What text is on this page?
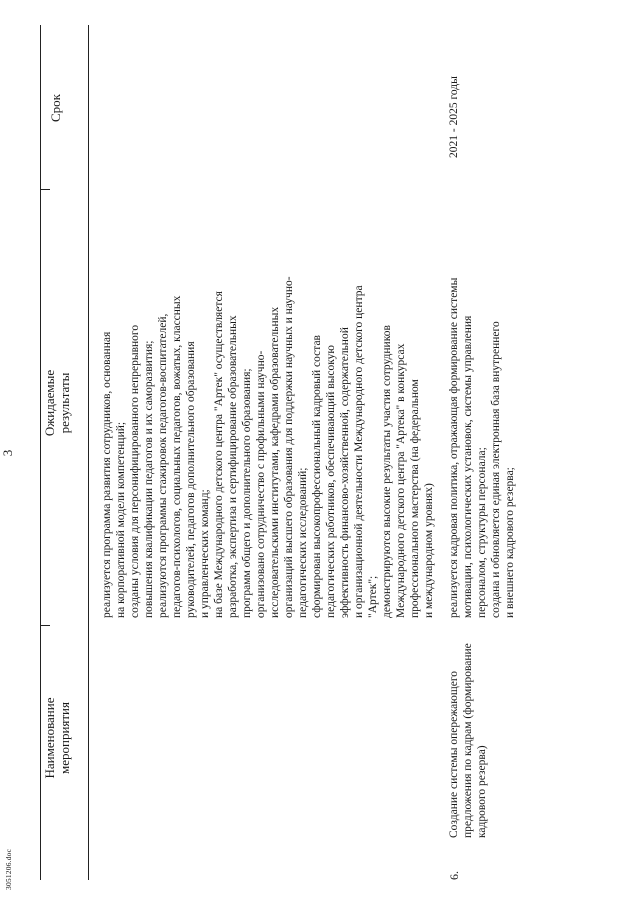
3
Наименование мероприятия
Ожидаемые результаты
Срок
реализуется программа развития сотрудников, основанная
на корпоративной модели компетенций;
созданы условия для персонифицированного непрерывного
повышения квалификации педагогов и их саморазвития;
реализуются программы стажировок педагогов-воспитателей,
педагогов-психологов, социальных педагогов, вожатых, классных
руководителей, педагогов дополнительного образования
и управленческих команд;
на базе Международного детского центра "Артек" осуществляется
разработка, экспертиза и сертифицирование образовательных
программ общего и дополнительного образования;
организовано сотрудничество с профильными научно-
исследовательскими институтами, кафедрами образовательных
организаций высшего образования для поддержки научных и научно-
педагогических исследований;
сформирован высокопрофессиональный кадровый состав
педагогических работников, обеспечивающий высокую
эффективность финансово-хозяйственной, содержательной
и организационной деятельности Международного детского центра
"Артек";
демонстрируются высокие результаты участия сотрудников
Международного детского центра "Артека" в конкурсах
профессионального мастерства (на федеральном
и международном уровнях)
6.
Создание системы опережающего
предложения по кадрам (формирование
кадрового резерва)
реализуется кадровая политика, отражающая формирование системы
мотивации, психологических установок, системы управления
персоналом, структуры персонала;
создана и обновляется единая электронная база внутреннего
и внешнего кадрового резерва;
2021 - 2025 годы
3051206.doc
